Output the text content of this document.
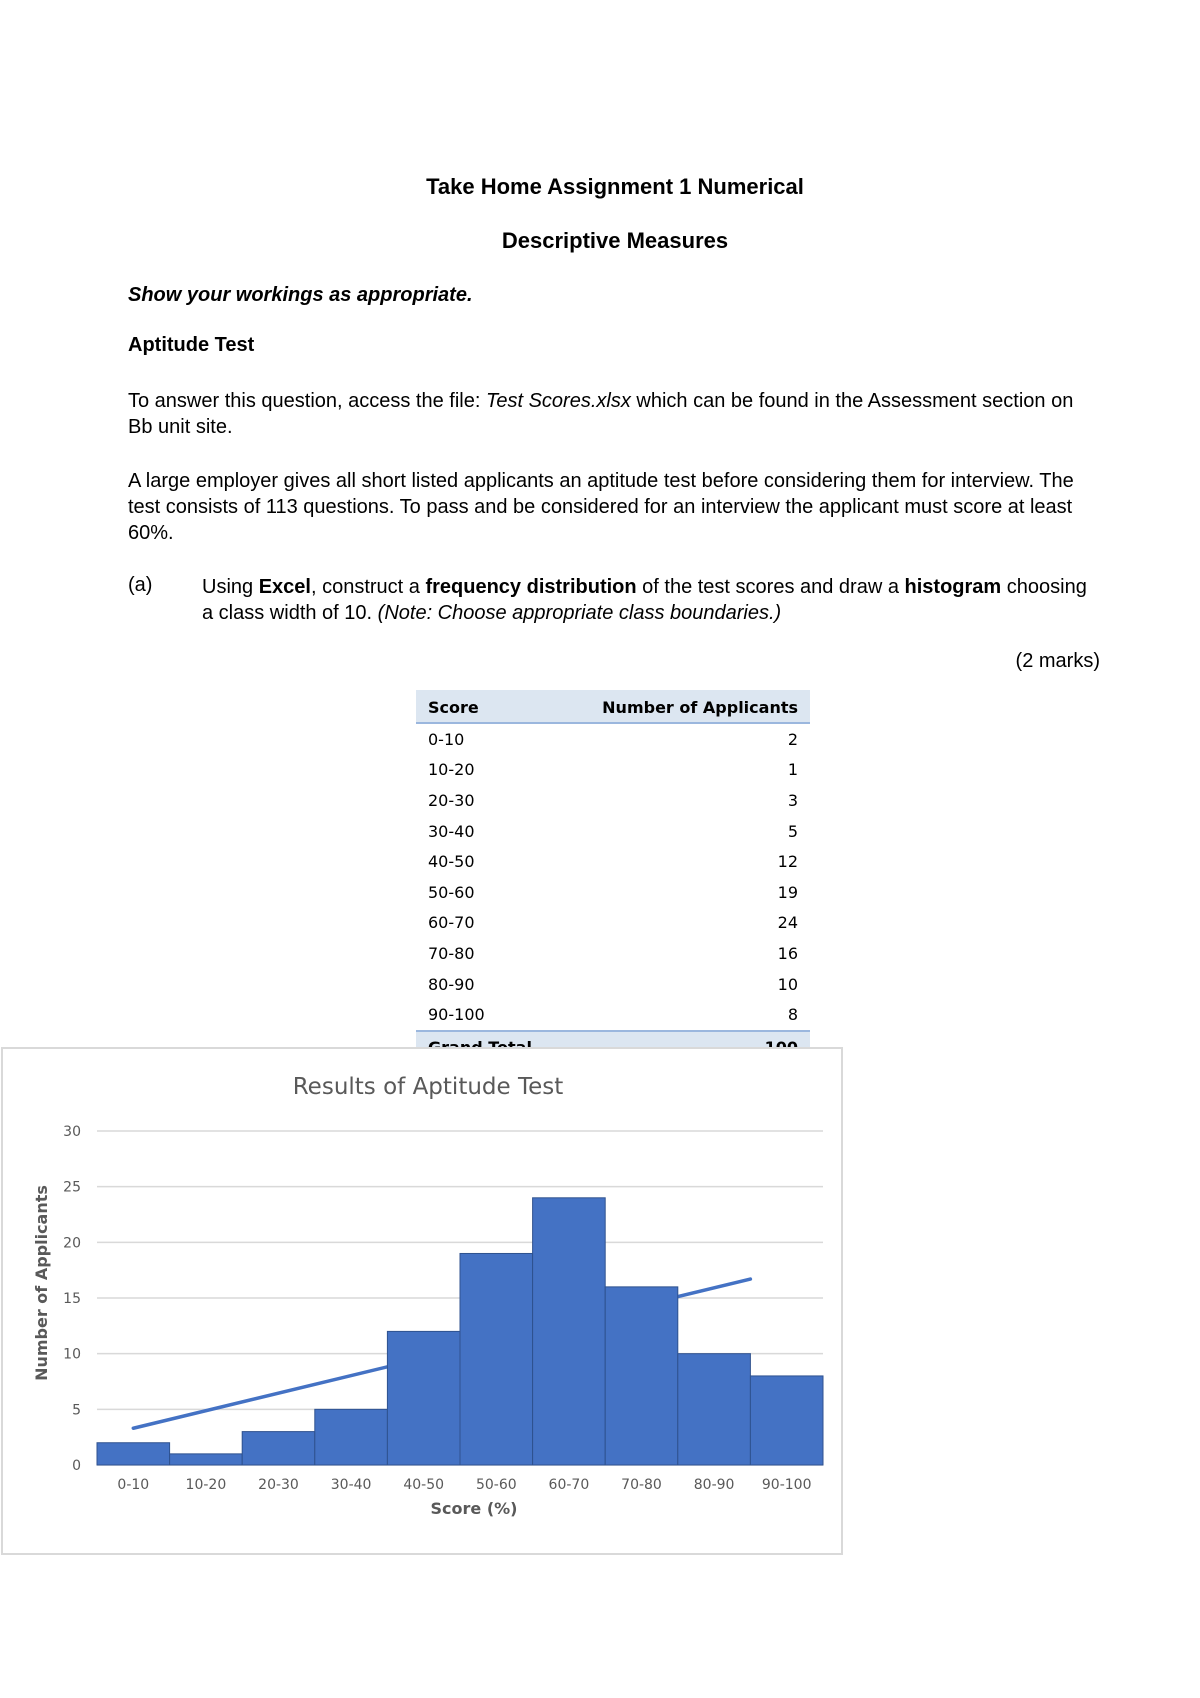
Take Home Assignment 1 Numerical
Descriptive Measures
Show your workings as appropriate.
Aptitude Test
To answer this question, access the file: Test Scores.xlsx which can be found in the Assessment section on Bb unit site.
A large employer gives all short listed applicants an aptitude test before considering them for interview. The test consists of 113 questions. To pass and be considered for an interview the applicant must score at least 60%.
(a) Using Excel, construct a frequency distribution of the test scores and draw a histogram choosing a class width of 10. (Note: Choose appropriate class boundaries.)
(2 marks)
Score	Number of Applicants
0-10	2
10-20	1
20-30	3
30-40	5
40-50	12
50-60	19
60-70	24
70-80	16
80-90	10
90-100	8

Results of Aptitude Test
0
5
10
15
20
25
30
Score (%)
Number of Applicants
0-10	10-20 20-30 30-40 40-50 50-60 60-70 70-80 80-90 90-100
